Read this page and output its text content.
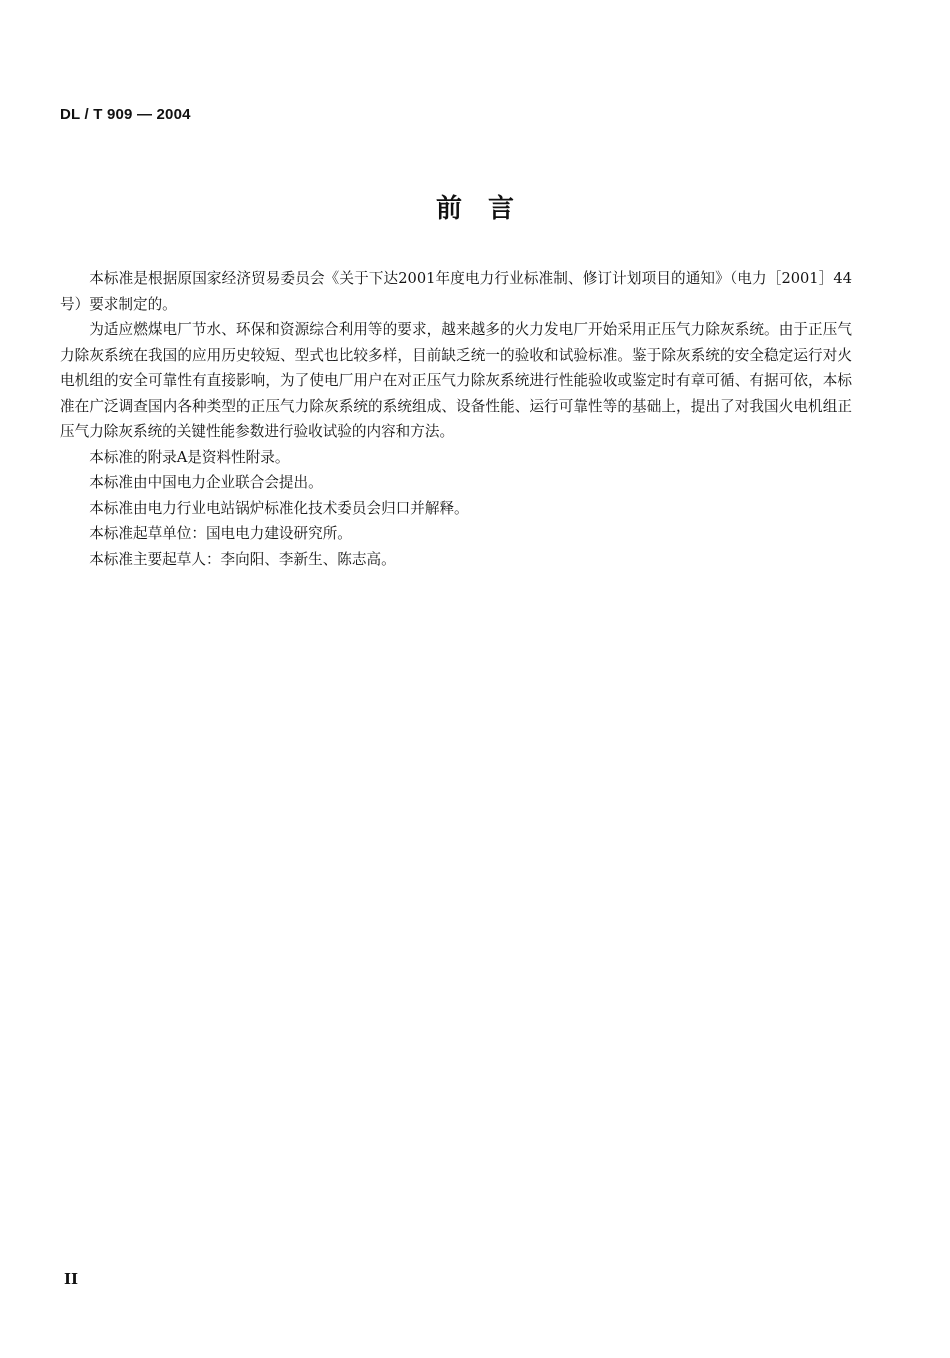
DL / T 909 — 2004
前　言

本标准是根据原国家经济贸易委员会《关于下达2001年度电力行业标准制、修订计划项目的通知》（电力［2001］44号）要求制定的。

为适应燃煤电厂节水、环保和资源综合利用等的要求，越来越多的火力发电厂开始采用正压气力除灰系统。由于正压气力除灰系统在我国的应用历史较短、型式也比较多样，目前缺乏统一的验收和试验标准。鉴于除灰系统的安全稳定运行对火电机组的安全可靠性有直接影响，为了使电厂用户在对正压气力除灰系统进行性能验收或鉴定时有章可循、有据可依，本标准在广泛调查国内各种类型的正压气力除灰系统的系统组成、设备性能、运行可靠性等的基础上，提出了对我国火电机组正压气力除灰系统的关键性能参数进行验收试验的内容和方法。

本标准的附录A是资料性附录。

本标准由中国电力企业联合会提出。

本标准由电力行业电站锅炉标准化技术委员会归口并解释。

本标准起草单位：国电电力建设研究所。

本标准主要起草人：李向阳、李新生、陈志高。

II
